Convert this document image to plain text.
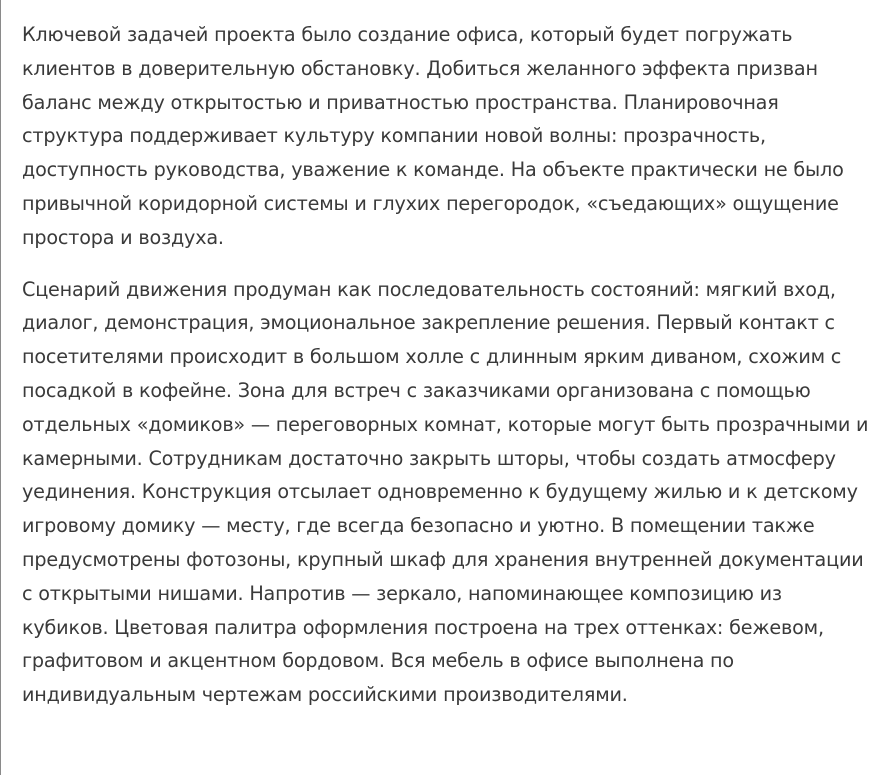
Ключевой задачей проекта было создание офиса, который будет погружать клиентов в доверительную обстановку. Добиться желанного эффекта призван баланс между открытостью и приватностью пространства. Планировочная структура поддерживает культуру компании новой волны: прозрачность, доступность руководства, уважение к команде. На объекте практически не было привычной коридорной системы и глухих перегородок, «съедающих» ощущение простора и воздуха.

Сценарий движения продуман как последовательность состояний: мягкий вход, диалог, демонстрация, эмоциональное закрепление решения. Первый контакт с посетителями происходит в большом холле с длинным ярким диваном, схожим с посадкой в кофейне. Зона для встреч с заказчиками организована с помощью отдельных «домиков» — переговорных комнат, которые могут быть прозрачными и камерными. Сотрудникам достаточно закрыть шторы, чтобы создать атмосферу уединения. Конструкция отсылает одновременно к будущему жилью и к детскому игровому домику — месту, где всегда безопасно и уютно. В помещении также предусмотрены фотозоны, крупный шкаф для хранения внутренней документации с открытыми нишами. Напротив — зеркало, напоминающее композицию из кубиков. Цветовая палитра оформления построена на трех оттенках: бежевом, графитовом и акцентном бордовом. Вся мебель в офисе выполнена по индивидуальным чертежам российскими производителями.
